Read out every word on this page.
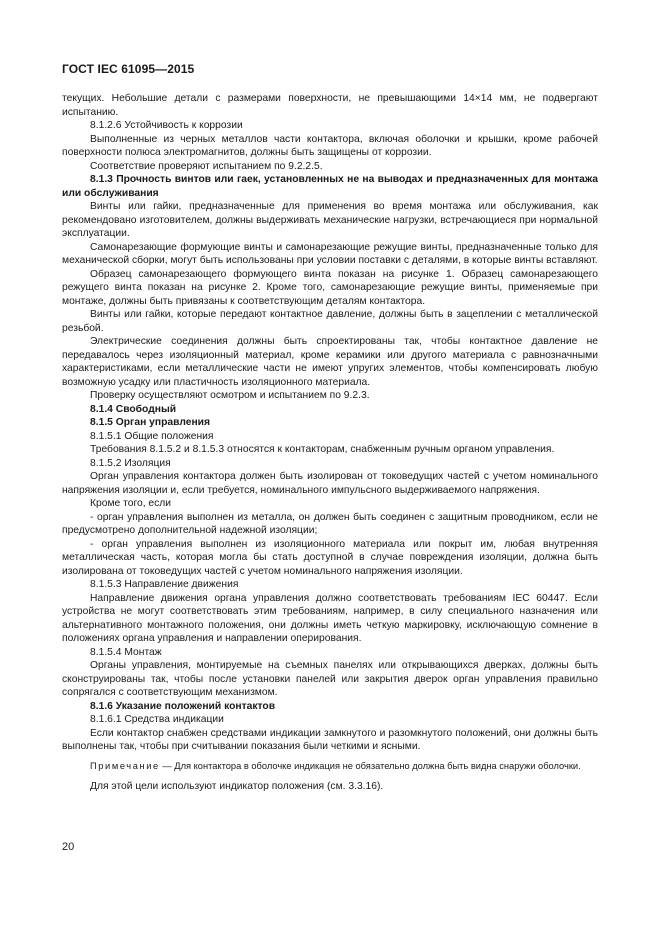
ГОСТ IEC 61095—2015

текущих. Небольшие детали с размерами поверхности, не превышающими 14×14 мм, не подвергают испытанию.

8.1.2.6 Устойчивость к коррозии

Выполненные из черных металлов части контактора, включая оболочки и крышки, кроме рабочей поверхности полюса электромагнитов, должны быть защищены от коррозии.

Соответствие проверяют испытанием по 9.2.2.5.

8.1.3 Прочность винтов или гаек, установленных не на выводах и предназначенных для монтажа или обслуживания

Винты или гайки, предназначенные для применения во время монтажа или обслуживания, как рекомендовано изготовителем, должны выдерживать механические нагрузки, встречающиеся при нормальной эксплуатации.

Самонарезающие формующие винты и самонарезающие режущие винты, предназначенные только для механической сборки, могут быть использованы при условии поставки с деталями, в которые винты вставляют.

Образец самонарезающего формующего винта показан на рисунке 1. Образец самонарезающего режущего винта показан на рисунке 2. Кроме того, самонарезающие режущие винты, применяемые при монтаже, должны быть привязаны к соответствующим деталям контактора.

Винты или гайки, которые передают контактное давление, должны быть в зацеплении с металлической резьбой.

Электрические соединения должны быть спроектированы так, чтобы контактное давление не передавалось через изоляционный материал, кроме керамики или другого материала с равнозначными характеристиками, если металлические части не имеют упругих элементов, чтобы компенсировать любую возможную усадку или пластичность изоляционного материала.

Проверку осуществляют осмотром и испытанием по 9.2.3.

8.1.4 Свободный

8.1.5 Орган управления

8.1.5.1 Общие положения

Требования 8.1.5.2 и 8.1.5.3 относятся к контакторам, снабженным ручным органом управления.

8.1.5.2 Изоляция

Орган управления контактора должен быть изолирован от токоведущих частей с учетом номинального напряжения изоляции и, если требуется, номинального импульсного выдерживаемого напряжения.

Кроме того, если

- орган управления выполнен из металла, он должен быть соединен с защитным проводником, если не предусмотрено дополнительной надежной изоляции;

- орган управления выполнен из изоляционного материала или покрыт им, любая внутренняя металлическая часть, которая могла бы стать доступной в случае повреждения изоляции, должна быть изолирована от токоведущих частей с учетом номинального напряжения изоляции.

8.1.5.3 Направление движения

Направление движения органа управления должно соответствовать требованиям IEC 60447. Если устройства не могут соответствовать этим требованиям, например, в силу специального назначения или альтернативного монтажного положения, они должны иметь четкую маркировку, исключающую сомнение в положениях органа управления и направлении оперирования.

8.1.5.4 Монтаж

Органы управления, монтируемые на съемных панелях или открывающихся дверках, должны быть сконструированы так, чтобы после установки панелей или закрытия дверок орган управления правильно сопрягался с соответствующим механизмом.

8.1.6 Указание положений контактов

8.1.6.1 Средства индикации

Если контактор снабжен средствами индикации замкнутого и разомкнутого положений, они должны быть выполнены так, чтобы при считывании показания были четкими и ясными.

Примечание — Для контактора в оболочке индикация не обязательно должна быть видна снаружи оболочки.

Для этой цели используют индикатор положения (см. 3.3.16).

20
